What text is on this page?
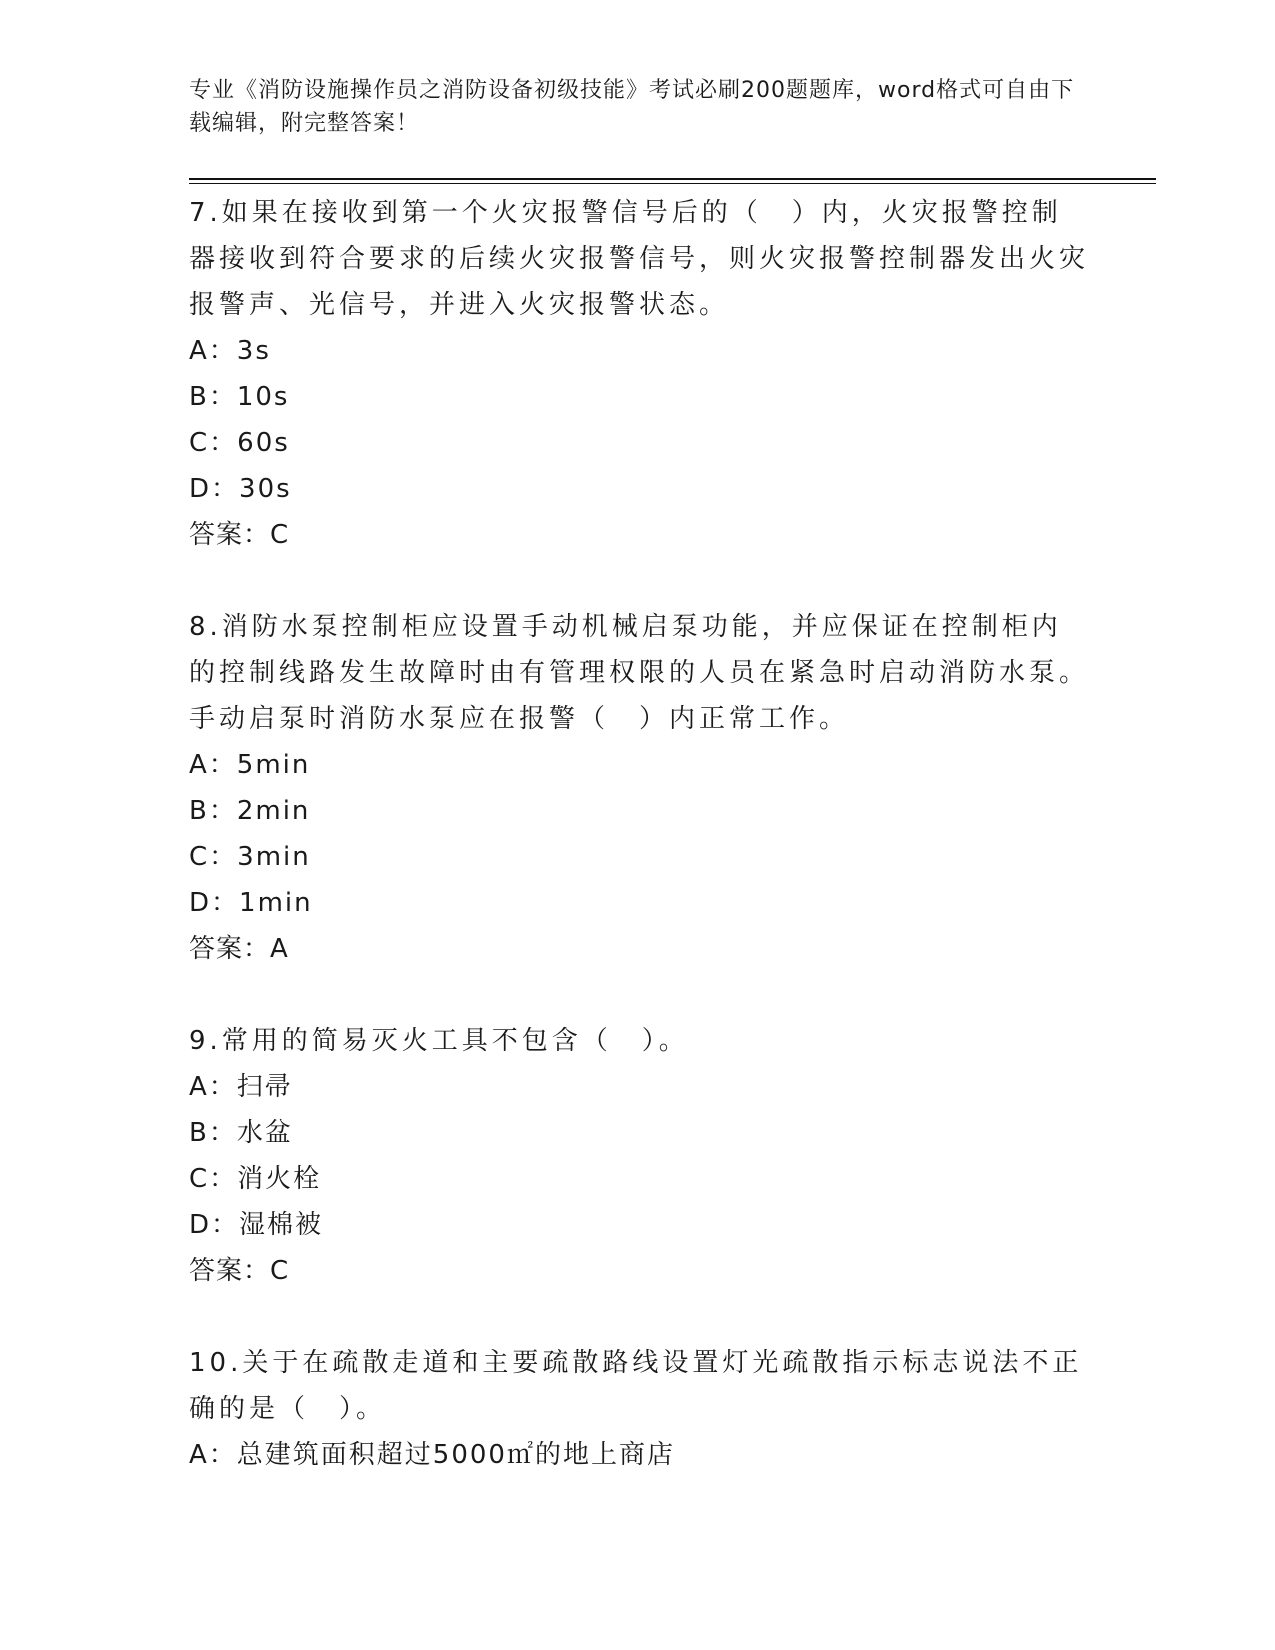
专业《消防设施操作员之消防设备初级技能》考试必刷200题题库，word格式可自由下载编辑，附完整答案！
7.如果在接收到第一个火灾报警信号后的（　）内，火灾报警控制器接收到符合要求的后续火灾报警信号，则火灾报警控制器发出火灾报警声、光信号，并进入火灾报警状态。
A：3s
B：10s
C：60s
D：30s
答案：C
8.消防水泵控制柜应设置手动机械启泵功能，并应保证在控制柜内的控制线路发生故障时由有管理权限的人员在紧急时启动消防水泵。手动启泵时消防水泵应在报警（　）内正常工作。
A：5min
B：2min
C：3min
D：1min
答案：A
9.常用的简易灭火工具不包含（　）。
A：扫帚
B：水盆
C：消火栓
D：湿棉被
答案：C
10.关于在疏散走道和主要疏散路线设置灯光疏散指示标志说法不正确的是（　）。
A：总建筑面积超过5000㎡的地上商店
